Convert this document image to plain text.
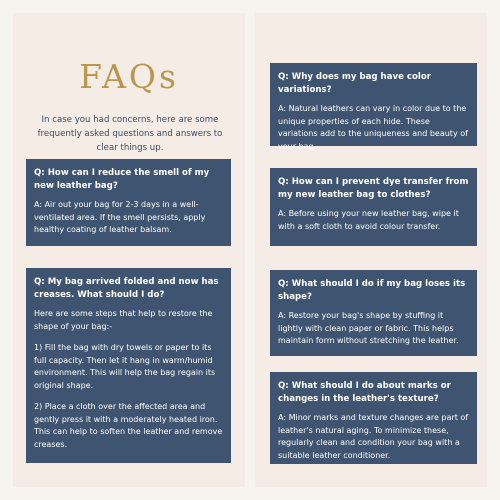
FAQs
In case you had concerns, here are some frequently asked questions and answers to clear things up.
Q: How can I reduce the smell of my new leather bag?

A: Air out your bag for 2-3 days in a well-ventilated area. If the smell persists, apply healthy coating of leather balsam.

Q: My bag arrived folded and now has creases. What should I do?

Here are some steps that help to restore the shape of your bag:-

1) Fill the bag with dry towels or paper to its full capacity. Then let it hang in warm/humid environment. This will help the bag regain its original shape.

2) Place a cloth over the affected area and gently press it with a moderately heated iron. This can help to soften the leather and remove creases.

Q: Why does my bag have color variations?

A: Natural leathers can vary in color due to the unique properties of each hide. These variations add to the uniqueness and beauty of your bag.

Q: How can I prevent dye transfer from my new leather bag to clothes?

A: Before using your new leather bag, wipe it with a soft cloth to avoid colour transfer.

Q: What should I do if my bag loses its shape?

A: Restore your bag's shape by stuffing it lightly with clean paper or fabric. This helps maintain form without stretching the leather.

Q: What should I do about marks or changes in the leather's texture?

A: Minor marks and texture changes are part of leather's natural aging. To minimize these, regularly clean and condition your bag with a suitable leather conditioner.
